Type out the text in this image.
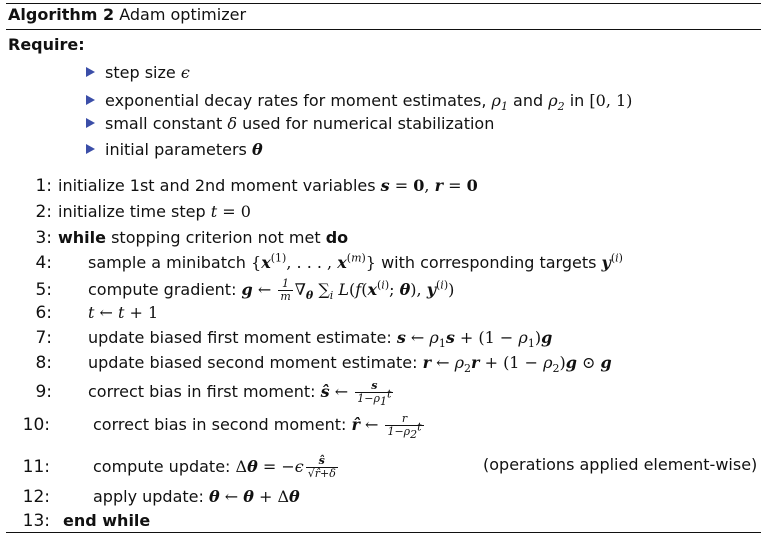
Algorithm 2 Adam optimizer
Require:
step size ϵ
exponential decay rates for moment estimates, $\rho_1$ and $\rho_2$ in [0, 1)
small constant δ used for numerical stabilization
initial parameters θ
1: initialize 1st and 2nd moment variables s = 0, r = 0
2: initialize time step t = 0
3: while stopping criterion not met do
4: sample a minibatch {$x^{(1)}$, . . . , $x^{(m)}$} with corresponding targets $y^{(i)}$
5: compute gradient: g ← $\frac{1}{m} \nabla_\theta$ $\sum_i$ $L(f(x^{(i)}$; θ), $y^{(i)}$)
6: t ← t + 1
7: update biased first moment estimate: s ← $\rho_1s + (1 - \rho_1)g$
8: update biased second moment estimate: r ← $\rho_2r + (1 - \rho_2)g$ ⊙ g
9: correct bias in first moment: ŝ ← $\frac{s}{1-\rho_1^t}$
10:	correct bias in second moment: r̂ ← $\frac{r}{1-\rho_2^t}$
11:	compute update: $\Delta\theta = -\epsilon \frac{ŝ}{√r̂+\delta}$	(operations applied element-wise)
12:	apply update: θ ← θ + Δθ
13: end while
